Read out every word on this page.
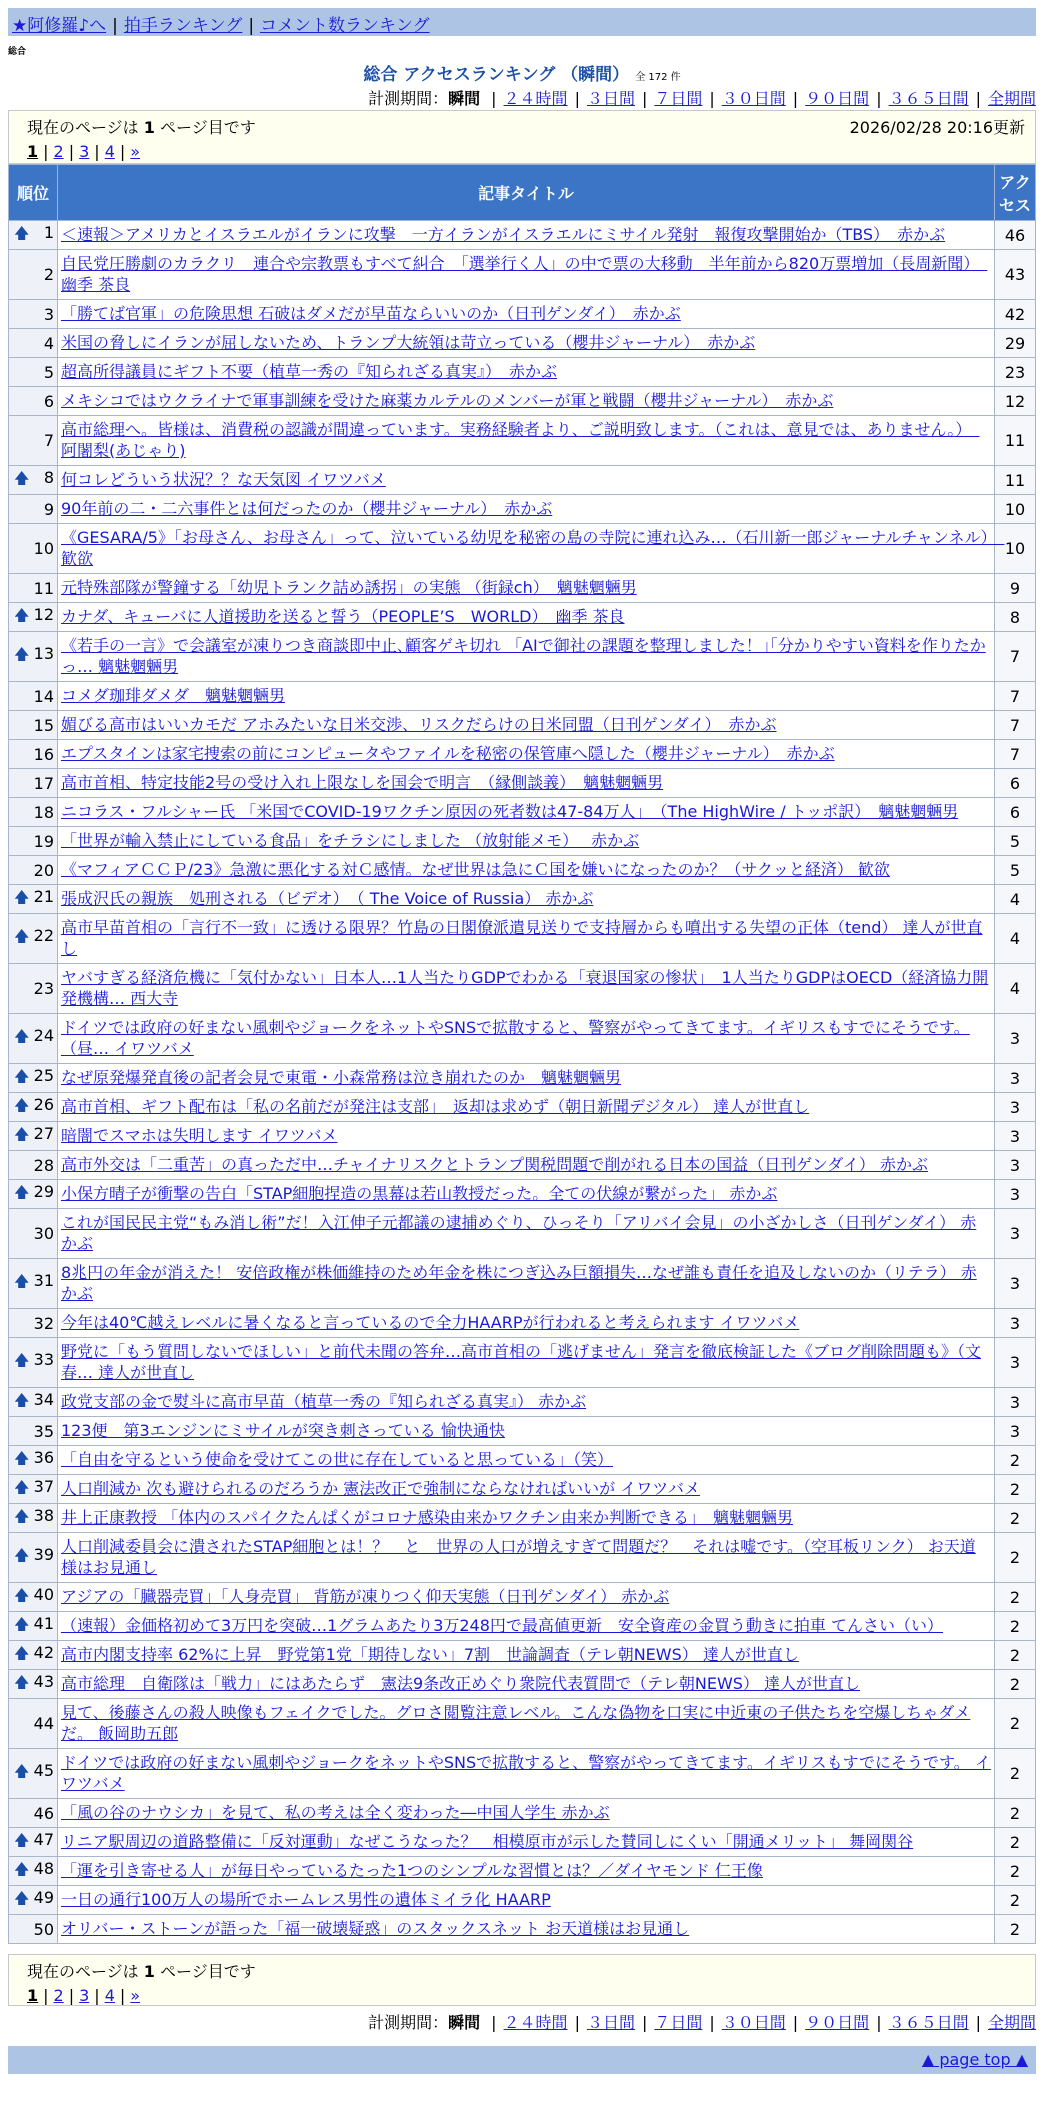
★阿修羅♪へ | 拍手ランキング | コメント数ランキング
総合
総合 アクセスランキング （瞬間） 全 172 件
計測期間：瞬間 | ２４時間 | ３日間 | ７日間 | ３０日間 | ９０日間 | ３６５日間 | 全期間
現在のページは 1 ページ目です	2026/02/28 20:16更新
1 | 2 | 3 | 4 | »
順位	記事タイトル	アクセス

🡅 1	＜速報＞アメリカとイスラエルがイランに攻撃　一方イランがイスラエルにミサイル発射　報復攻撃開始か（TBS）　赤かぶ	46
2	自民党圧勝劇のカラクリ　連合や宗教票もすべて糾合　「選挙行く人」の中で票の大移動　半年前から820万票増加（長周新聞）　幽季 茶良	43
3	「勝てば官軍」の危険思想 石破はダメだが早苗ならいいのか（日刊ゲンダイ）　赤かぶ	42
4	米国の脅しにイランが屈しないため、トランプ大統領は苛立っている（櫻井ジャーナル）　赤かぶ	29
5	超高所得議員にギフト不要（植草一秀の『知られざる真実』）　赤かぶ	23
6	メキシコではウクライナで軍事訓練を受けた麻薬カルテルのメンバーが軍と戦闘（櫻井ジャーナル）　赤かぶ	12
7	高市総理へ。皆様は、消費税の認識が間違っています。実務経験者より、ご説明致します。（これは、意見では、ありません。）　阿闍梨(あじゃり)	11

🡅 8	何コレどういう状況？？な天気図 イワツバメ	11
9	90年前の二・二六事件とは何だったのか（櫻井ジャーナル）　赤かぶ	10
10	《GESARA/5》「お母さん、お母さん」って、泣いている幼児を秘密の島の寺院に連れ込み…（石川新一郎ジャーナルチャンネル）　歓欲	10
11	元特殊部隊が警鐘する「幼児トランク詰め誘拐」の実態 （街録ch）　魑魅魍魎男	9

🡅 12	カナダ、キューバに人道援助を送ると誓う（PEOPLE’S　WORLD）　幽季 茶良	8

🡅 13	《若手の一言》で会議室が凍りつき商談即中止､顧客ゲキ切れ 「AIで御社の課題を整理しました！｣｢分かりやすい資料を作りたかっ… 魑魅魍魎男	7
14	コメダ珈琲ダメダ　魑魅魍魎男	7
15	媚びる高市はいいカモだ アホみたいな日米交渉、リスクだらけの日米同盟（日刊ゲンダイ）　赤かぶ	7
16	エプスタインは家宅捜索の前にコンピュータやファイルを秘密の保管庫へ隠した（櫻井ジャーナル）　赤かぶ	7
17	高市首相、特定技能2号の受け入れ上限なしを国会で明言　（縁側談義）　魑魅魍魎男	6
18	ニコラス・フルシャー氏 「米国でCOVID-19ワクチン原因の死者数は47-84万人」　（The HighWire / トッポ訳）　魑魅魍魎男	6
19	「世界が輸入禁止にしている食品」をチラシにしました （放射能メモ）　 赤かぶ	5
20	《マフィアＣＣＰ/23》急激に悪化する対Ｃ感情。なぜ世界は急にＣ国を嫌いになったのか？（サクッと経済） 歓欲	5

🡅 21	張成沢氏の親族　処刑される（ビデオ）　（ The Voice of Russia） 赤かぶ	4

🡅 22	高市早苗首相の「言行不一致」に透ける限界？竹島の日閣僚派遣見送りで支持層からも噴出する失望の正体（tend） 達人が世直し	4
23	ヤバすぎる経済危機に「気付かない」日本人…1人当たりGDPでわかる「衰退国家の惨状」　1人当たりGDPはOECD（経済協力開発機構… 西大寺	4

🡅 24	ドイツでは政府の好まない風刺やジョークをネットやSNSで拡散すると、警察がやってきてます。イギリスもすでにそうです。（昼… イワツバメ	3

🡅 25	なぜ原発爆発直後の記者会見で東電・小森常務は泣き崩れたのか　魑魅魍魎男	3

🡅 26	高市首相、ギフト配布は「私の名前だが発注は支部」　返却は求めず（朝日新聞デジタル） 達人が世直し	3

🡅 27	暗闇でスマホは失明します イワツバメ	3
28	高市外交は「二重苦」の真っただ中…チャイナリスクとトランプ関税問題で削がれる日本の国益（日刊ゲンダイ） 赤かぶ	3

🡅 29	小保方晴子が衝撃の告白「STAP細胞捏造の黒幕は若山教授だった。全ての伏線が繋がった」 赤かぶ	3
30	これが国民民主党“もみ消し術”だ！入江伸子元都議の逮捕めぐり、ひっそり「アリバイ会見」の小ざかしさ（日刊ゲンダイ） 赤かぶ	3

🡅 31	8兆円の年金が消えた！ 安倍政権が株価維持のため年金を株につぎ込み巨額損失…なぜ誰も責任を追及しないのか（リテラ） 赤かぶ	3
32	今年は40℃越えレベルに暑くなると言っているので全力HAARPが行われると考えられます イワツバメ	3

🡅 33	野党に「もう質問しないでほしい」と前代未聞の答弁…高市首相の「逃げません」発言を徹底検証した《ブログ削除問題も》（文春… 達人が世直し	3

🡅 34	政党支部の金で熨斗に高市早苗（植草一秀の『知られざる真実』） 赤かぶ	3
35	123便　第3エンジンにミサイルが突き刺さっている 愉快通快	3

🡅 36	「自由を守るという使命を受けてこの世に存在していると思っている」（笑）	2

🡅 37	人口削減か 次も避けられるのだろうか 憲法改正で強制にならなければいいが イワツバメ	2

🡅 38	井上正康教授 「体内のスパイクたんぱくがコロナ感染由来かワクチン由来か判断できる」　魑魅魍魎男	2

🡅 39	人口削減委員会に潰されたSTAP細胞とは！？　と　世界の人口が増えすぎて問題だ？　それは嘘です。（空耳板リンク） お天道様はお見通し	2

🡅 40	アジアの「臓器売買」「人身売買」 背筋が凍りつく仰天実態（日刊ゲンダイ） 赤かぶ	2

🡅 41	（速報）金価格初めて3万円を突破…1グラムあたり3万248円で最高値更新　安全資産の金買う動きに拍車 てんさい（い）	2

🡅 42	高市内閣支持率 62%に上昇　野党第1党「期待しない」7割　世論調査（テレ朝NEWS） 達人が世直し	2

🡅 43	高市総理　自衛隊は「戦力」にはあたらず　憲法9条改正めぐり衆院代表質問で（テレ朝NEWS） 達人が世直し	2
44	見て、後藤さんの殺人映像もフェイクでした。グロさ閲覧注意レベル。こんな偽物を口実に中近東の子供たちを空爆しちゃダメだ。 飯岡助五郎	2

🡅 45	ドイツでは政府の好まない風刺やジョークをネットやSNSで拡散すると、警察がやってきてます。イギリスもすでにそうです。 イワツバメ	2
46	「風の谷のナウシカ」を見て、私の考えは全く変わった―中国人学生 赤かぶ	2

🡅 47	リニア駅周辺の道路整備に「反対運動」なぜこうなった？　相模原市が示した賛同しにくい「開通メリット」 舞岡関谷	2

🡅 48	「運を引き寄せる人」が毎日やっているたった1つのシンプルな習慣とは？／ダイヤモンド 仁王像	2

🡅 49	一日の通行100万人の場所でホームレス男性の遺体ミイラ化 HAARP	2
50	オリバー・ストーンが語った「福一破壊疑惑」のスタックスネット お天道様はお見通し	2
計測期間：瞬間 | ２４時間 | ３日間 | ７日間 | ３０日間 | ９０日間 | ３６５日間 | 全期間
現在のページは 1 ページ目です
1 | 2 | 3 | 4 | »
▲ page top ▲
